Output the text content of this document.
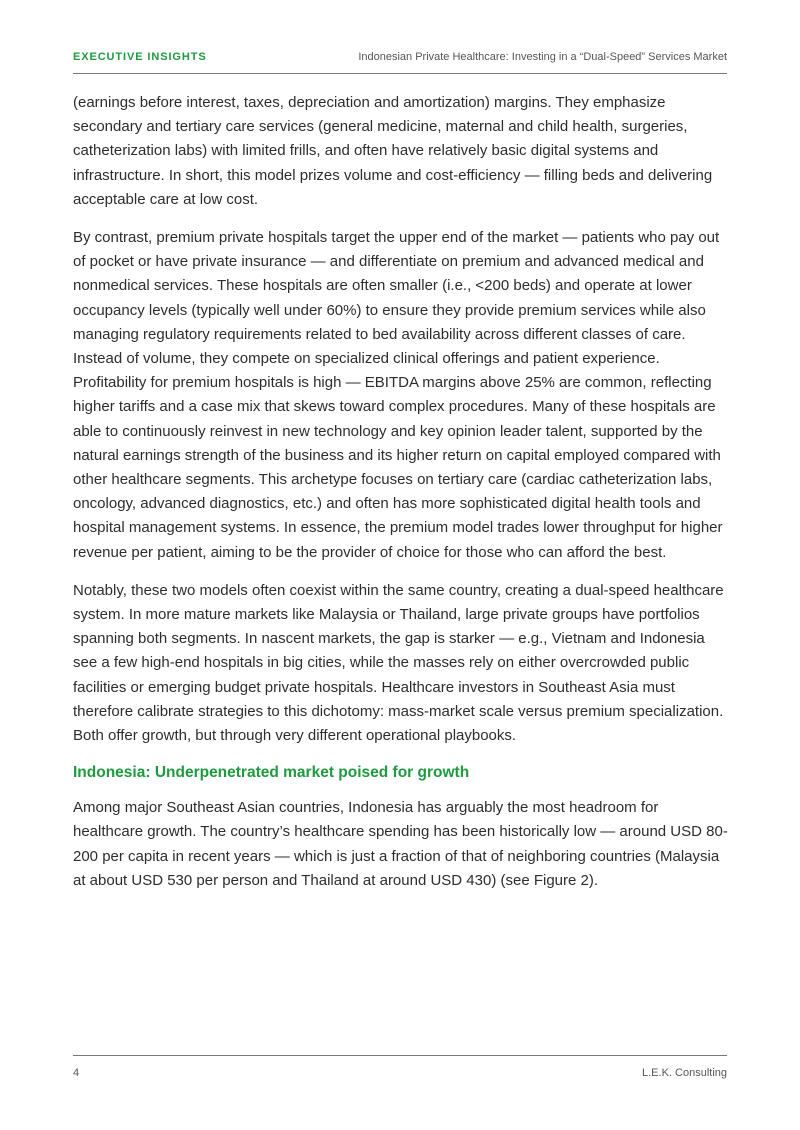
EXECUTIVE INSIGHTS	Indonesian Private Healthcare: Investing in a “Dual-Speed” Services Market

(earnings before interest, taxes, depreciation and amortization) margins. They emphasize secondary and tertiary care services (general medicine, maternal and child health, surgeries, catheterization labs) with limited frills, and often have relatively basic digital systems and infrastructure. In short, this model prizes volume and cost-efficiency — filling beds and delivering acceptable care at low cost.

By contrast, premium private hospitals target the upper end of the market — patients who pay out of pocket or have private insurance — and differentiate on premium and advanced medical and nonmedical services. These hospitals are often smaller (i.e., <200 beds) and operate at lower occupancy levels (typically well under 60%) to ensure they provide premium services while also managing regulatory requirements related to bed availability across different classes of care. Instead of volume, they compete on specialized clinical offerings and patient experience. Profitability for premium hospitals is high — EBITDA margins above 25% are common, reflecting higher tariffs and a case mix that skews toward complex procedures. Many of these hospitals are able to continuously reinvest in new technology and key opinion leader talent, supported by the natural earnings strength of the business and its higher return on capital employed compared with other healthcare segments. This archetype focuses on tertiary care (cardiac catheterization labs, oncology, advanced diagnostics, etc.) and often has more sophisticated digital health tools and hospital management systems. In essence, the premium model trades lower throughput for higher revenue per patient, aiming to be the provider of choice for those who can afford the best.

Notably, these two models often coexist within the same country, creating a dual-speed healthcare system. In more mature markets like Malaysia or Thailand, large private groups have portfolios spanning both segments. In nascent markets, the gap is starker — e.g., Vietnam and Indonesia see a few high-end hospitals in big cities, while the masses rely on either overcrowded public facilities or emerging budget private hospitals. Healthcare investors in Southeast Asia must therefore calibrate strategies to this dichotomy: mass-market scale versus premium specialization. Both offer growth, but through very different operational playbooks.

Indonesia: Underpenetrated market poised for growth

Among major Southeast Asian countries, Indonesia has arguably the most headroom for healthcare growth. The country’s healthcare spending has been historically low — around USD 80-200 per capita in recent years — which is just a fraction of that of neighboring countries (Malaysia at about USD 530 per person and Thailand at around USD 430) (see Figure 2).

4	L.E.K. Consulting
